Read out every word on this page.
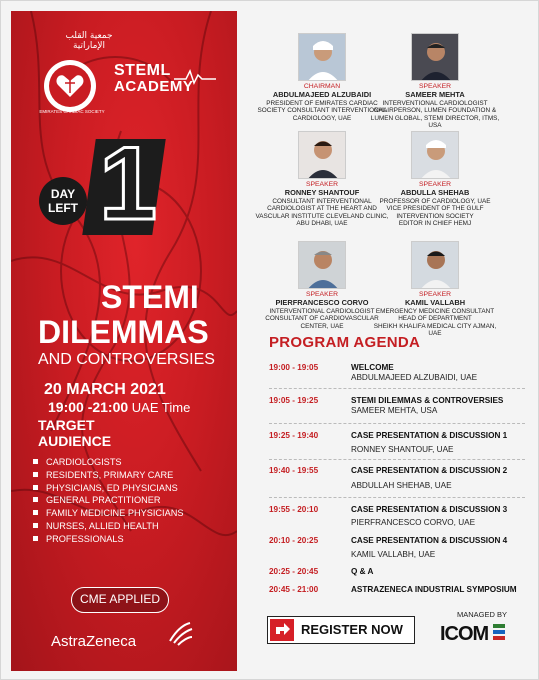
جمعية القلب الإماراتية
EMIRATES CARDIAC SOCIETY
STEML
ACADEMY
1
DAY
LEFT
STEMI
DILEMMAS
AND CONTROVERSIES
20 MARCH 2021
19:00 -21:00 UAE Time
TARGET
AUDIENCE
CARDIOLOGISTS
RESIDENTS, PRIMARY CARE
PHYSICIANS, ED PHYSICIANS
GENERAL PRACTITIONER
FAMILY MEDICINE PHYSICIANS
NURSES, ALLIED HEALTH
PROFESSIONALS
CME APPLIED
AstraZeneca
CHAIRMAN
ABDULMAJEED ALZUBAIDI
PRESIDENT OF EMIRATES CARDIAC
SOCIETY CONSULTANT INTERVENTIONAL
CARDIOLOGY, UAE
SPEAKER
SAMEER MEHTA
INTERVENTIONAL CARDIOLOGIST
CHAIRPERSON, LUMEN FOUNDATION &
LUMEN GLOBAL, STEMI DIRECTOR, ITMS,
USA
SPEAKER
RONNEY SHANTOUF
CONSULTANT INTERVENTIONAL
CARDIOLOGIST AT THE HEART AND
VASCULAR INSTITUTE CLEVELAND CLINIC,
ABU DHABI, UAE
SPEAKER
ABDULLA SHEHAB
PROFESSOR OF CARDIOLOGY, UAE
VICE PRESIDENT OF THE GULF
INTERVENTION SOCIETY
EDITOR IN CHIEF HEMJ
SPEAKER
PIERFRANCESCO CORVO
INTERVENTIONAL CARDIOLOGIST
CONSULTANT OF CARDIOVASCULAR
CENTER, UAE
SPEAKER
KAMIL VALLABH
EMERGENCY MEDICINE CONSULTANT
HEAD OF DEPARTMENT
SHEIKH KHALIFA MEDICAL CITY AJMAN,
UAE
PROGRAM AGENDA
19:00 - 19:05	WELCOME
ABDULMAJEED ALZUBAIDI, UAE
19:05 - 19:25	STEMI DILEMMAS & CONTROVERSIES
SAMEER MEHTA, USA
19:25 - 19:40	CASE PRESENTATION & DISCUSSION 1
RONNEY SHANTOUF, UAE
19:40 - 19:55	CASE PRESENTATION & DISCUSSION 2
ABDULLAH SHEHAB, UAE
19:55 - 20:10	CASE PRESENTATION & DISCUSSION 3
PIERFRANCESCO CORVO, UAE
20:10 - 20:25	CASE PRESENTATION & DISCUSSION 4
KAMIL VALLABH, UAE
20:25 - 20:45	Q & A
20:45 - 21:00	ASTRAZENECA INDUSTRIAL SYMPOSIUM
REGISTER NOW
MANAGED BY
ICOM
